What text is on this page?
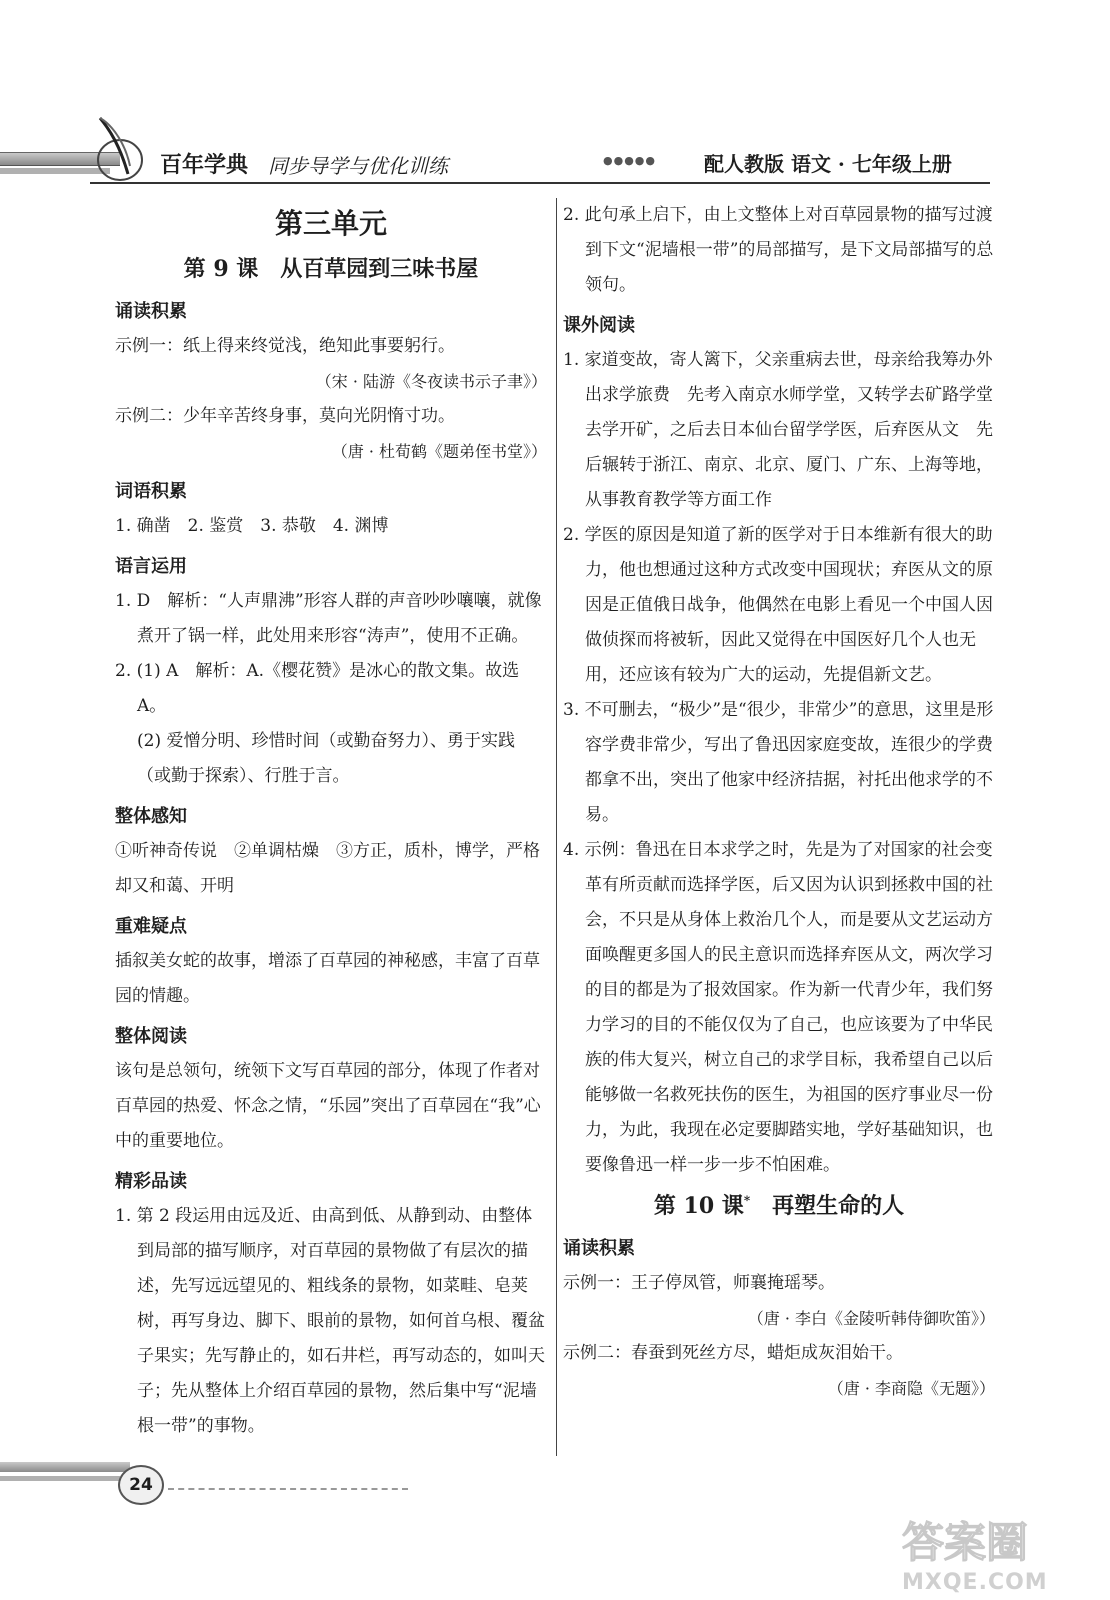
百年学典 同步导学与优化训练	●●●●● 配人教版 语文 · 七年级上册
第三单元
第 9 课　从百草园到三味书屋
诵读积累
示例一：纸上得来终觉浅，绝知此事要躬行。
（宋 · 陆游《冬夜读书示子聿》）
示例二：少年辛苦终身事，莫向光阴惰寸功。
（唐 · 杜荀鹤《题弟侄书堂》）
词语积累
1. 确凿　2. 鉴赏　3. 恭敬　4. 渊博
语言运用
1. D　解析：“人声鼎沸”形容人群的声音吵吵嚷嚷，就像煮开了锅一样，此处用来形容“涛声”，使用不正确。
2. (1) A　解析：A.《樱花赞》是冰心的散文集。故选 A。
(2) 爱憎分明、珍惜时间（或勤奋努力）、勇于实践（或勤于探索）、行胜于言。
整体感知
①听神奇传说　②单调枯燥　③方正，质朴，博学，严格却又和蔼、开明
重难疑点
插叙美女蛇的故事，增添了百草园的神秘感，丰富了百草园的情趣。
整体阅读
该句是总领句，统领下文写百草园的部分，体现了作者对百草园的热爱、怀念之情，“乐园”突出了百草园在“我”心中的重要地位。
精彩品读
1. 第 2 段运用由远及近、由高到低、从静到动、由整体到局部的描写顺序，对百草园的景物做了有层次的描述，先写远远望见的、粗线条的景物，如菜畦、皂荚树，再写身边、脚下、眼前的景物，如何首乌根、覆盆子果实；先写静止的，如石井栏，再写动态的，如叫天子；先从整体上介绍百草园的景物，然后集中写“泥墙根一带”的事物。
2. 此句承上启下，由上文整体上对百草园景物的描写过渡到下文“泥墙根一带”的局部描写，是下文局部描写的总领句。
课外阅读
1. 家道变故，寄人篱下，父亲重病去世，母亲给我筹办外出求学旅费　先考入南京水师学堂，又转学去矿路学堂去学开矿，之后去日本仙台留学学医，后弃医从文　先后辗转于浙江、南京、北京、厦门、广东、上海等地，从事教育教学等方面工作
2. 学医的原因是知道了新的医学对于日本维新有很大的助力，他也想通过这种方式改变中国现状；弃医从文的原因是正值俄日战争，他偶然在电影上看见一个中国人因做侦探而将被斩，因此又觉得在中国医好几个人也无用，还应该有较为广大的运动，先提倡新文艺。
3. 不可删去，“极少”是“很少，非常少”的意思，这里是形容学费非常少，写出了鲁迅因家庭变故，连很少的学费都拿不出，突出了他家中经济拮据，衬托出他求学的不易。
4. 示例：鲁迅在日本求学之时，先是为了对国家的社会变革有所贡献而选择学医，后又因为认识到拯救中国的社会，不只是从身体上救治几个人，而是要从文艺运动方面唤醒更多国人的民主意识而选择弃医从文，两次学习的目的都是为了报效国家。作为新一代青少年，我们努力学习的目的不能仅仅为了自己，也应该要为了中华民族的伟大复兴，树立自己的求学目标，我希望自己以后能够做一名救死扶伤的医生，为祖国的医疗事业尽一份力，为此，我现在必定要脚踏实地，学好基础知识，也要像鲁迅一样一步一步不怕困难。
第 10 课*　 再塑生命的人
诵读积累
示例一：王子停凤管，师襄掩瑶琴。
（唐 · 李白《金陵听韩侍御吹笛》）
示例二：春蚕到死丝方尽，蜡炬成灰泪始干。
（唐 · 李商隐《无题》）
24
答案圈
MXQE.COM
